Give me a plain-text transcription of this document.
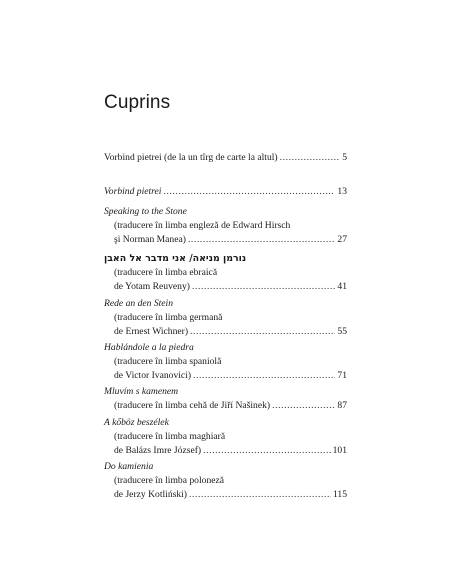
Cuprins
Vorbind pietrei (de la un tîrg de carte la altul) .....	5
Vorbind pietrei .....	13
Speaking to the Stone
(traducere în limba engleză de Edward Hirsch
şi Norman Manea) .....	27
נורמן מניאה/ אני מדבר אל האבן
(traducere în limba ebraică
de Yotam Reuveny) .....	41
Rede an den Stein
(traducere în limba germană
de Ernest Wichner) .....	55
Hablándole a la piedra
(traducere în limba spaniolă
de Victor Ivanovici) .....	71
Mluvím s kamenem
(traducere în limba cehă de Jiří Našinek) .....	87
A kőböz beszélek
(traducere în limba maghiară
de Balázs Imre József) .....	101
Do kamienia
(traducere în limba poloneză
de Jerzy Kotliński) .....	115
